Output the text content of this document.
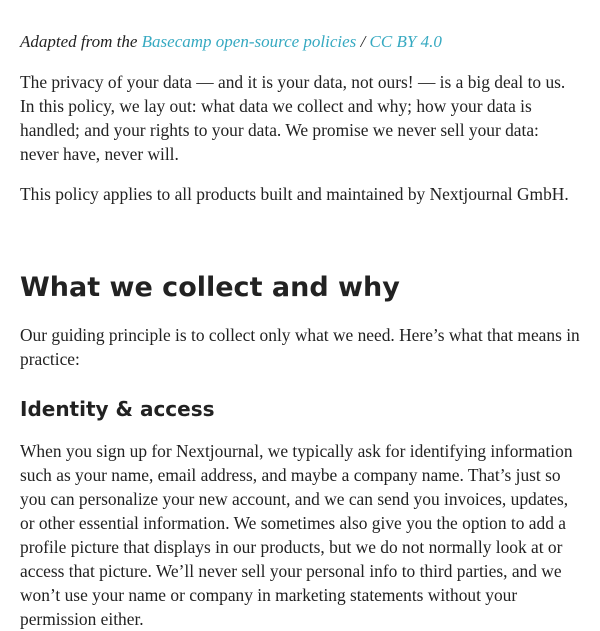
Adapted from the Basecamp open-source policies / CC BY 4.0

The privacy of your data — and it is your data, not ours! — is a big deal to us. In this policy, we lay out: what data we collect and why; how your data is handled; and your rights to your data. We promise we never sell your data: never have, never will.

This policy applies to all products built and maintained by Nextjournal GmbH.

What we collect and why

Our guiding principle is to collect only what we need. Here’s what that means in practice:

Identity & access

When you sign up for Nextjournal, we typically ask for identifying information such as your name, email address, and maybe a company name. That’s just so you can personalize your new account, and we can send you invoices, updates, or other essential information. We sometimes also give you the option to add a profile picture that displays in our products, but we do not normally look at or access that picture. We’ll never sell your personal info to third parties, and we won’t use your name or company in marketing statements without your permission either.
